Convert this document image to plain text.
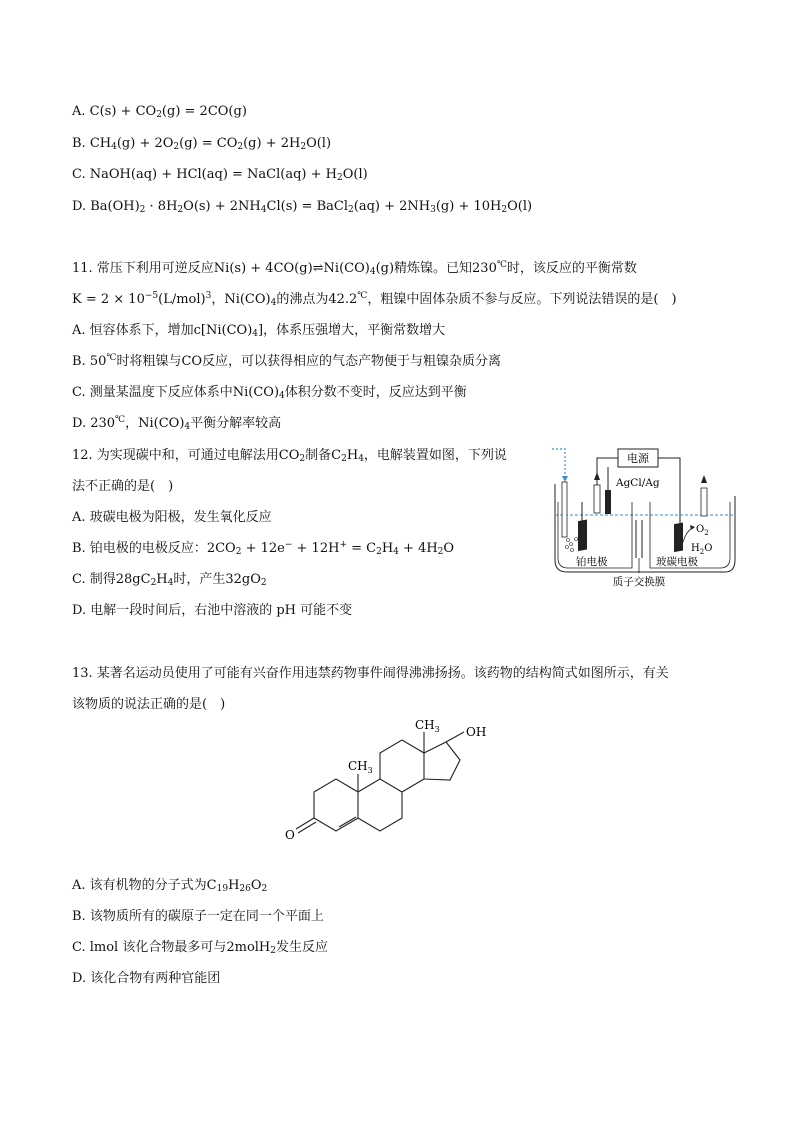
A. $C(s) + CO_2(g) = 2CO(g)$
B. $CH_4(g) + 2O_2(g) = CO_2(g) + 2H_2O(l)$
C. NaOH(aq) + HCl(aq) = NaCl(aq) + $H_2O(l)$
D. $Ba(OH)_2 \cdot 8H_2O(s) + 2NH_4Cl(s)$ = BaCl$_2$(aq) + $2NH_3(g) + 10H_2O(l)$
11. 常压下利用可逆反应$Ni(s) + 4CO(g)\rightleftharpoons Ni(CO)_4(g)$精炼镍。已知230℃时，该反应的平衡常数
$K = 2 \times 10^{-5}(L/mol)^3$，$Ni(CO)_4$的沸点为42.2℃，粗镍中固体杂质不参与反应。下列说法错误的是(　)
A. 恒容体系下，增加$c[Ni(CO)_4]$，体系压强增大，平衡常数增大
B. 50℃时将粗镍与CO反应，可以获得相应的气态产物便于与粗镍杂质分离
C. 测量某温度下反应体系中$Ni(CO)_4$体积分数不变时，反应达到平衡
D. 230℃，$Ni(CO)_4$平衡分解率较高
12. 为实现碳中和，可通过电解法用$CO_2$制备$C_2H_4$，电解装置如图，下列说
法不正确的是(　)
A. 玻碳电极为阳极，发生氧化反应
B. 铂电极的电极反应：$2CO_2 + 12e^- + 12H^+ = C_2H_4 + 4H_2O$
C. 制得$28gC_2H_4$时，产生$32gO_2$
D. 电解一段时间后，右池中溶液的 pH 可能不变
电源
AgCl/Ag
$O_2$
$H_2O$
铂电极	玻碳电极
质子交换膜
13. 某著名运动员使用了可能有兴奋作用违禁药物事件闹得沸沸扬扬。该药物的结构简式如图所示，有关
该物质的说法正确的是(　)
$CH_3$
$CH_3$ OH
O
A. 该有机物的分子式为$C_{19}H_{26}O_2$
B. 该物质所有的碳原子一定在同一个平面上
C. lmol 该化合物最多可与2molH$_2$发生反应
D. 该化合物有两种官能团
